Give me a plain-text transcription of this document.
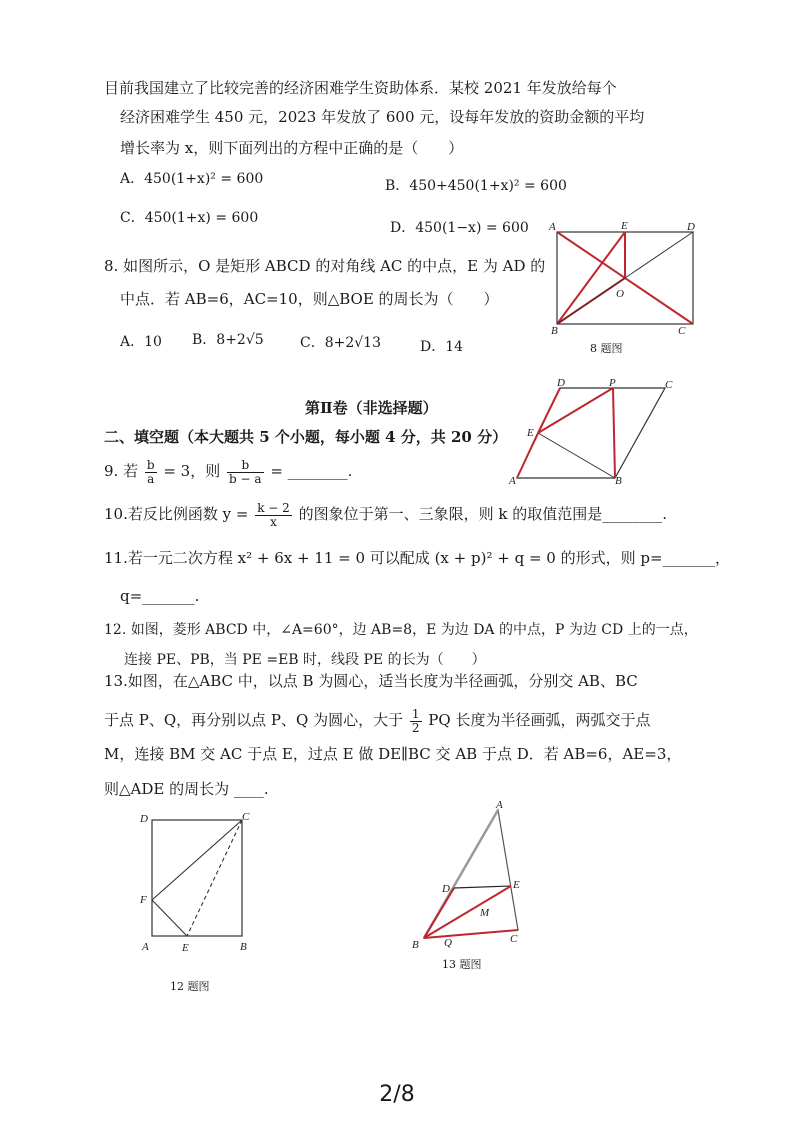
目前我国建立了比较完善的经济困难学生资助体系．某校 2021 年发放给每个
经济困难学生 450 元，2023 年发放了 600 元，设每年发放的资助金额的平均
增长率为 x，则下面列出的方程中正确的是（　　）
A．450(1+x)² = 600	B．450+450(1+x)² = 600
C．450(1+x) = 600
D．450(1−x) = 600
8. 如图所示，O 是矩形 ABCD 的对角线 AC 的中点，E 为 AD 的
中点．若 AB=6，AC=10，则△BOE 的周长为（　　）
A．10 B．8+2√5	C．8+2√13	D．14
A	E	D
B	C
O
8 题图
D	P	C
E
A	B
第Ⅱ卷（非选择题）
二、填空题（本大题共 5 个小题，每小题 4 分，共 20 分）
9. 若 $\frac{b}{a} = 3$，则 $\frac{b}{b - a}$ = ________.
10.若反比例函数 $y = \frac{k - 2}{x}$ 的图象位于第一、三象限，则 k 的取值范围是________.
11.若一元二次方程 x² + 6x + 11 = 0 可以配成 (x + p)² + q = 0 的形式，则 p=_______，
q=_______.
12. 如图，菱形 ABCD 中，∠A=60°，边 AB=8，E 为边 DA 的中点，P 为边 CD 上的一点，
连接 PE、PB，当 PE =EB 时，线段 PE 的长为（　　）
13.如图，在△ABC 中，以点 B 为圆心，适当长度为半径画弧，分别交 AB、BC
于点 P、Q，再分别以点 P、Q 为圆心，大于 $\frac{1}{2}$ PQ 长度为半径画弧，两弧交于点
M，连接 BM 交 AC 于点 E，过点 E 做 DE∥BC 交 AB 于点 D．若 AB=6，AE=3，
则△ADE 的周长为 ____.
D	C
F
A	E	B
12 题图
A
D	E
M
B Q	C
13 题图
2/8
